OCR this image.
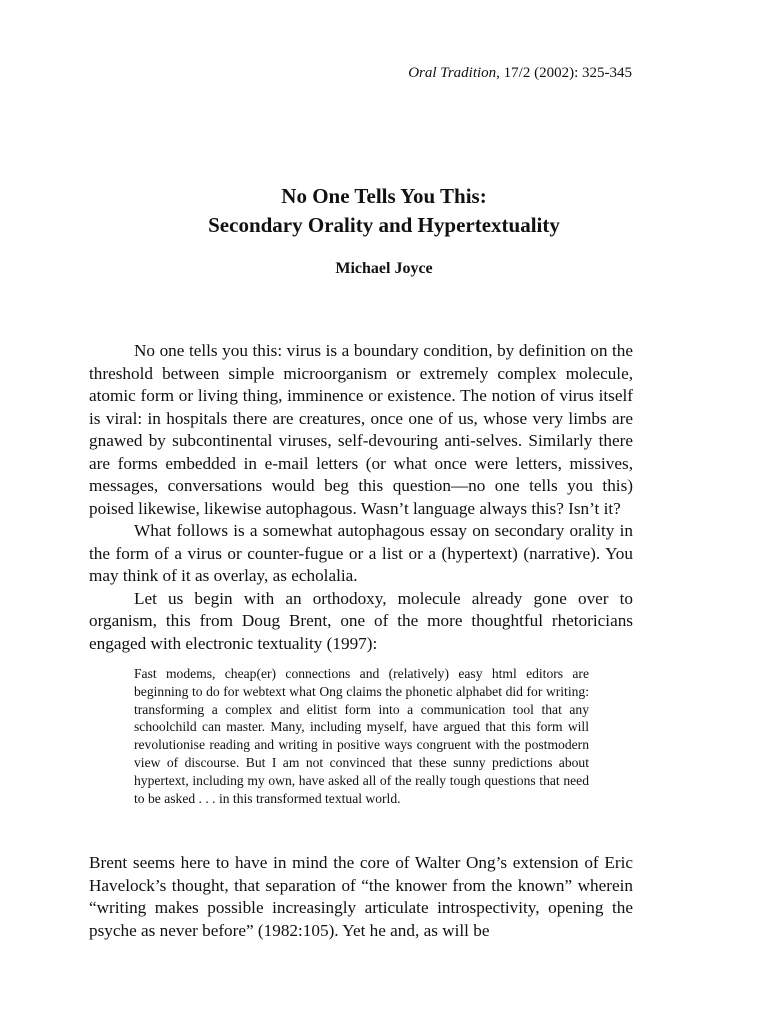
Oral Tradition, 17/2 (2002): 325-345
No One Tells You This:
Secondary Orality and Hypertextuality
Michael Joyce

No one tells you this: virus is a boundary condition, by definition on the threshold between simple microorganism or extremely complex molecule, atomic form or living thing, imminence or existence. The notion of virus itself is viral: in hospitals there are creatures, once one of us, whose very limbs are gnawed by subcontinental viruses, self-devouring anti-selves. Similarly there are forms embedded in e-mail letters (or what once were letters, missives, messages, conversations would beg this question—no one tells you this) poised likewise, likewise autophagous. Wasn’t language always this? Isn’t it?

What follows is a somewhat autophagous essay on secondary orality in the form of a virus or counter-fugue or a list or a (hypertext) (narrative). You may think of it as overlay, as echolalia.

Let us begin with an orthodoxy, molecule already gone over to organism, this from Doug Brent, one of the more thoughtful rhetoricians engaged with electronic textuality (1997):

Fast modems, cheap(er) connections and (relatively) easy html editors are beginning to do for webtext what Ong claims the phonetic alphabet did for writing: transforming a complex and elitist form into a communication tool that any schoolchild can master. Many, including myself, have argued that this form will revolutionise reading and writing in positive ways congruent with the postmodern view of discourse. But I am not convinced that these sunny predictions about hypertext, including my own, have asked all of the really tough questions that need to be asked . . . in this transformed textual world.

Brent seems here to have in mind the core of Walter Ong’s extension of Eric Havelock’s thought, that separation of “the knower from the known” wherein “writing makes possible increasingly articulate introspectivity, opening the psyche as never before” (1982:105). Yet he and, as will be
